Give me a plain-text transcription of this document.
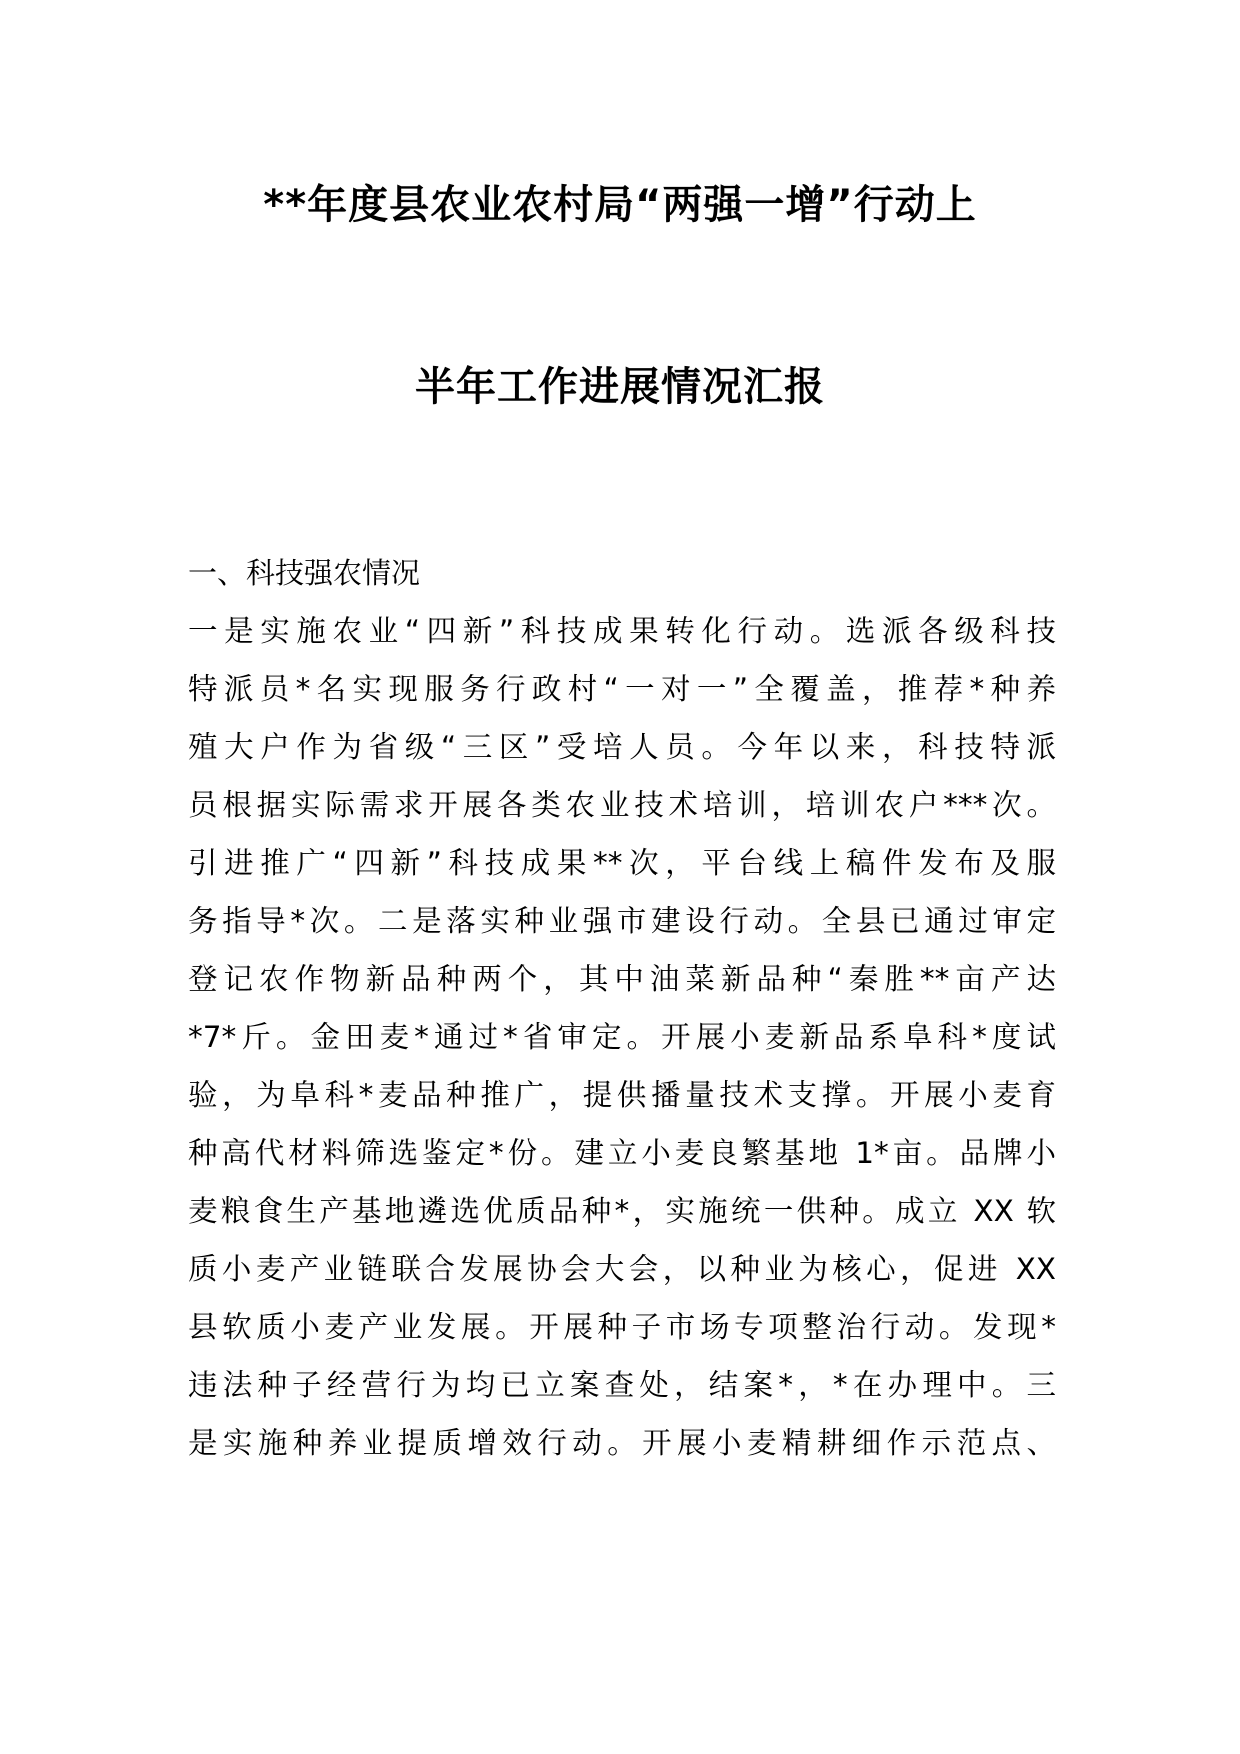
**年度县农业农村局“两强一增”行动上
半年工作进展情况汇报
一、科技强农情况
一是实施农业“四新”科技成果转化行动。选派各级科技
特派员*名实现服务行政村“一对一”全覆盖，推荐*种养
殖大户作为省级“三区”受培人员。今年以来，科技特派
员根据实际需求开展各类农业技术培训，培训农户***次。
引进推广“四新”科技成果**次，平台线上稿件发布及服
务指导*次。二是落实种业强市建设行动。全县已通过审定
登记农作物新品种两个，其中油菜新品种“秦胜**亩产达
*7*斤。金田麦*通过*省审定。开展小麦新品系阜科*度试
验，为阜科*麦品种推广，提供播量技术支撑。开展小麦育
种高代材料筛选鉴定*份。建立小麦良繁基地 1*亩。品牌小
麦粮食生产基地遴选优质品种*，实施统一供种。成立 XX 软
质小麦产业链联合发展协会大会，以种业为核心，促进 XX
县软质小麦产业发展。开展种子市场专项整治行动。发现*
违法种子经营行为均已立案查处，结案*，*在办理中。三
是实施种养业提质增效行动。开展小麦精耕细作示范点、
